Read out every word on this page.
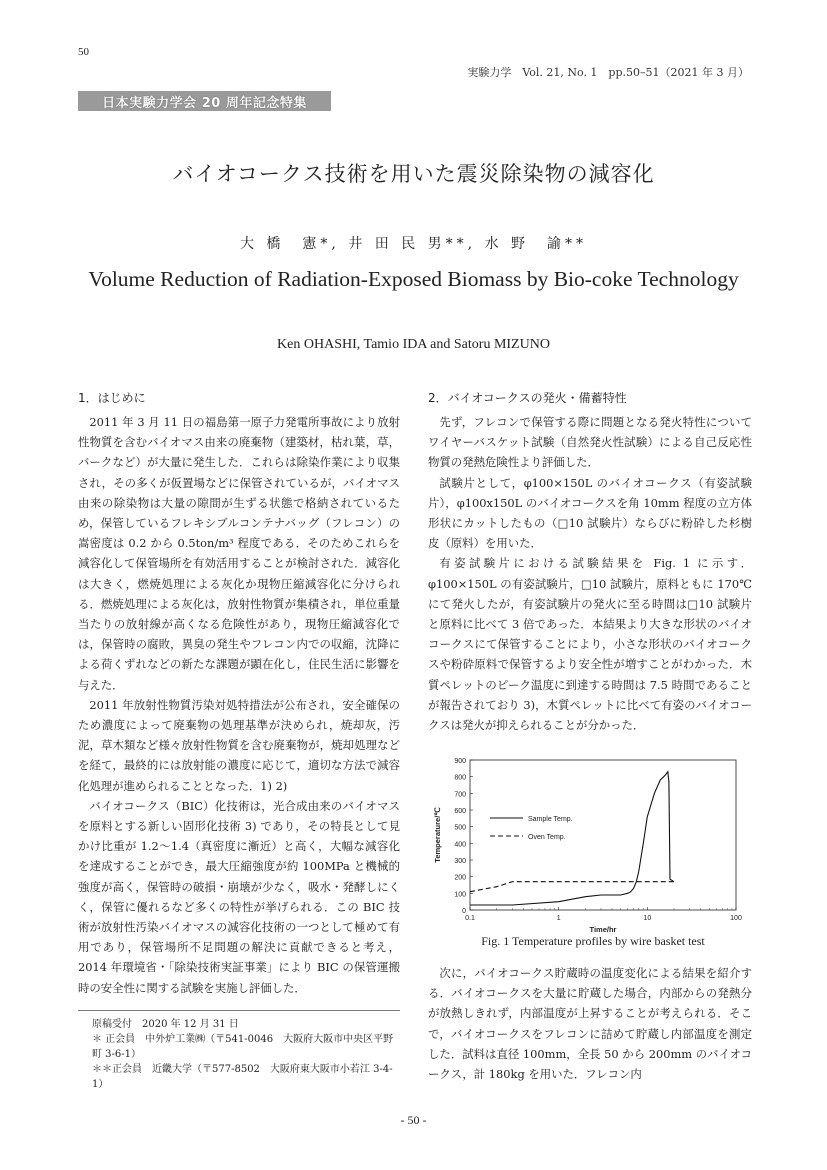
50
実験力学　Vol. 21, No. 1　pp.50–51（2021 年 3 月）
日本実験力学会 20 周年記念特集
バイオコークス技術を用いた震災除染物の減容化
大 橋　憲*, 井 田 民 男**, 水 野　諭**
Volume Reduction of Radiation-Exposed Biomass by Bio-coke Technology
Ken OHASHI, Tamio IDA and Satoru MIZUNO
1．はじめに

2011 年 3 月 11 日の福島第一原子力発電所事故により放射性物質を含むバイオマス由来の廃棄物（建築材，枯れ葉，草，バークなど）が大量に発生した．これらは除染作業により収集され，その多くが仮置場などに保管されているが，バイオマス由来の除染物は大量の隙間が生ずる状態で格納されているため，保管しているフレキシブルコンテナバッグ（フレコン）の嵩密度は 0.2 から 0.5ton/m³ 程度である．そのためこれらを減容化して保管場所を有効活用することが検討された．減容化は大きく，燃焼処理による灰化か現物圧縮減容化に分けられる．燃焼処理による灰化は，放射性物質が集積され，単位重量当たりの放射線が高くなる危険性があり，現物圧縮減容化では，保管時の腐敗，異臭の発生やフレコン内での収縮，沈降による荷くずれなどの新たな課題が顕在化し，住民生活に影響を与えた．

2011 年放射性物質汚染対処特措法が公布され，安全確保のため濃度によって廃棄物の処理基準が決められ，焼却灰，汚泥，草木類など様々放射性物質を含む廃棄物が，焼却処理などを経て，最終的には放射能の濃度に応じて，適切な方法で減容化処理が進められることとなった．1) 2)

バイオコークス（BIC）化技術は，光合成由来のバイオマスを原料とする新しい固形化技術 3) であり，その特長として見かけ比重が 1.2～1.4（真密度に漸近）と高く，大幅な減容化を達成することができ，最大圧縮強度が約 100MPa と機械的強度が高く，保管時の破損・崩壊が少なく，吸水・発酵しにくく，保管に優れるなど多くの特性が挙げられる．この BIC 技術が放射性汚染バイオマスの減容化技術の一つとして極めて有用であり，保管場所不足問題の解決に貢献できると考え，2014 年環境省・「除染技術実証事業」により BIC の保管運搬時の安全性に関する試験を実施し評価した．

原稿受付　2020 年 12 月 31 日
＊ 正会員　中外炉工業㈱（〒541-0046　大阪府大阪市中央区平野町 3-6-1）
＊＊正会員　近畿大学（〒577-8502　大阪府東大阪市小若江 3-4-1）
2．バイオコークスの発火・備蓄特性

先ず，フレコンで保管する際に問題となる発火特性についてワイヤーバスケット試験（自然発火性試験）による自己反応性物質の発熱危険性より評価した．

試験片として，φ100×150L のバイオコークス（有姿試験片），φ100x150L のバイオコークスを角 10mm 程度の立方体形状にカットしたもの（□10 試験片）ならびに粉砕した杉樹皮（原料）を用いた．

有姿試験片における試験結果を Fig. 1 に示す．φ100×150L の有姿試験片，□10 試験片，原料ともに 170℃にて発火したが，有姿試験片の発火に至る時間は□10 試験片と原料に比べて 3 倍であった．本結果より大きな形状のバイオコークスにて保管することにより，小さな形状のバイオコークスや粉砕原料で保管するより安全性が増すことがわかった．木質ペレットのピーク温度に到達する時間は 7.5 時間であることが報告されており 3)，木質ペレットに比べて有姿のバイオコークスは発火が抑えられることが分かった．

0
100
200
300
400
500
600
700
800
900
0.1	1	10	100
Time/hr
Temperature/℃	Sample Temp.
Oven Temp.
Fig. 1 Temperature profiles by wire basket test

次に，バイオコークス貯蔵時の温度変化による結果を紹介する．バイオコークスを大量に貯蔵した場合，内部からの発熱分が放熱しきれず，内部温度が上昇することが考えられる．そこで，バイオコークスをフレコンに詰めて貯蔵し内部温度を測定した．試料は直径 100mm，全長 50 から 200mm のバイオコークス，計 180kg を用いた．フレコン内

- 50 -
